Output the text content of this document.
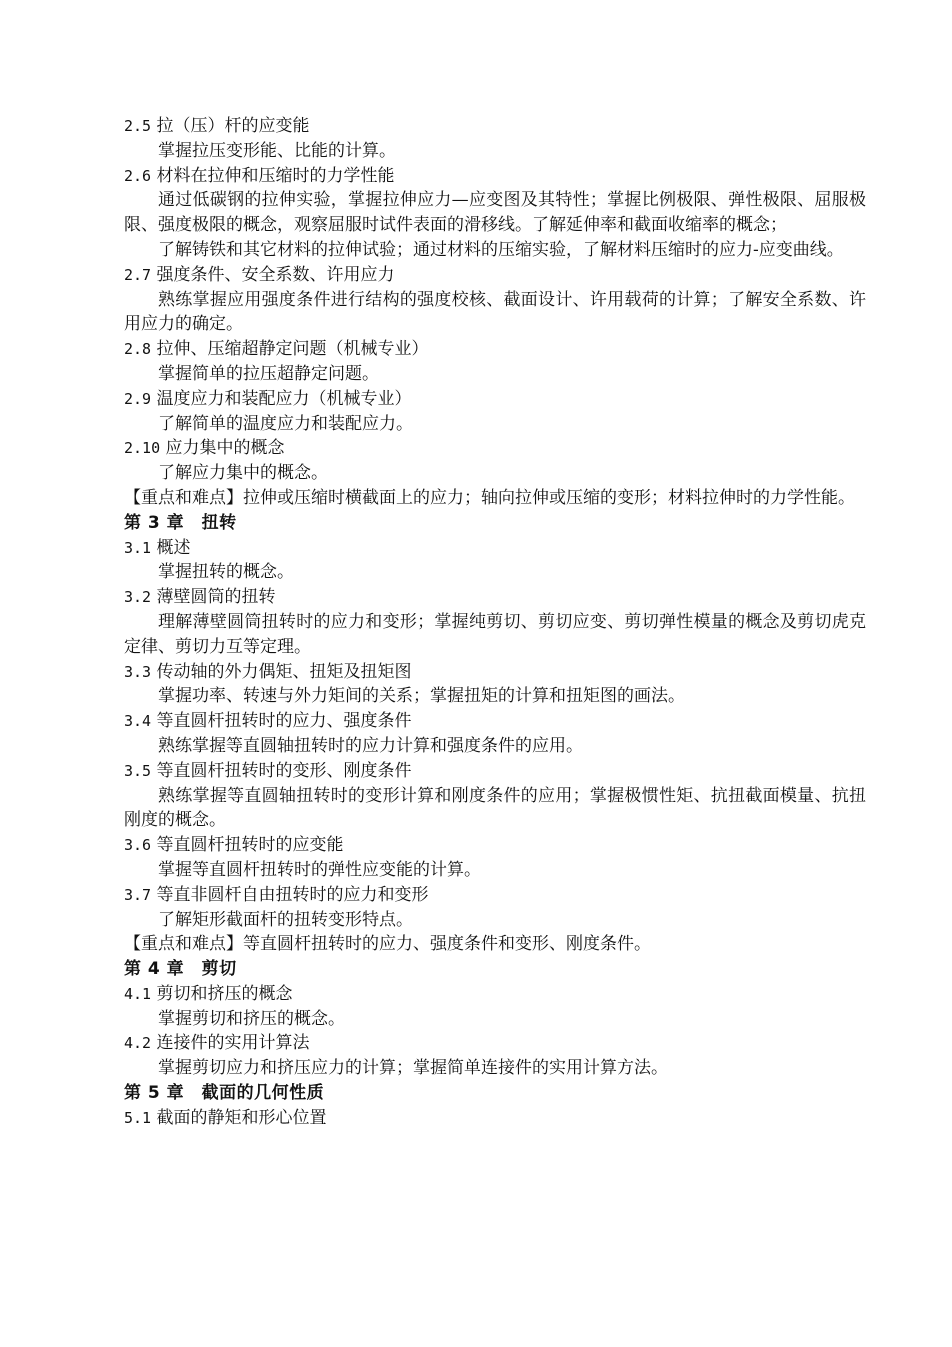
2.5 拉（压）杆的应变能

掌握拉压变形能、比能的计算。

2.6 材料在拉伸和压缩时的力学性能

通过低碳钢的拉伸实验，掌握拉伸应力—应变图及其特性；掌握比例极限、弹性极限、屈服极限、强度极限的概念，观察屈服时试件表面的滑移线。了解延伸率和截面收缩率的概念；

了解铸铁和其它材料的拉伸试验；通过材料的压缩实验，了解材料压缩时的应力-应变曲线。

2.7 强度条件、安全系数、许用应力

熟练掌握应用强度条件进行结构的强度校核、截面设计、许用载荷的计算；了解安全系数、许用应力的确定。

2.8 拉伸、压缩超静定问题（机械专业）

掌握简单的拉压超静定问题。

2.9 温度应力和装配应力（机械专业）

了解简单的温度应力和装配应力。

2.10 应力集中的概念

了解应力集中的概念。

【重点和难点】拉伸或压缩时横截面上的应力；轴向拉伸或压缩的变形；材料拉伸时的力学性能。

第 3 章　扭转

3.1 概述

掌握扭转的概念。

3.2 薄壁圆筒的扭转

理解薄壁圆筒扭转时的应力和变形；掌握纯剪切、剪切应变、剪切弹性模量的概念及剪切虎克定律、剪切力互等定理。

3.3 传动轴的外力偶矩、扭矩及扭矩图

掌握功率、转速与外力矩间的关系；掌握扭矩的计算和扭矩图的画法。

3.4 等直圆杆扭转时的应力、强度条件

熟练掌握等直圆轴扭转时的应力计算和强度条件的应用。

3.5 等直圆杆扭转时的变形、刚度条件

熟练掌握等直圆轴扭转时的变形计算和刚度条件的应用；掌握极惯性矩、抗扭截面模量、抗扭刚度的概念。

3.6 等直圆杆扭转时的应变能

掌握等直圆杆扭转时的弹性应变能的计算。

3.7 等直非圆杆自由扭转时的应力和变形

了解矩形截面杆的扭转变形特点。

【重点和难点】等直圆杆扭转时的应力、强度条件和变形、刚度条件。

第 4 章　剪切

4.1 剪切和挤压的概念

掌握剪切和挤压的概念。

4.2 连接件的实用计算法

掌握剪切应力和挤压应力的计算；掌握简单连接件的实用计算方法。

第 5 章　截面的几何性质

5.1 截面的静矩和形心位置
